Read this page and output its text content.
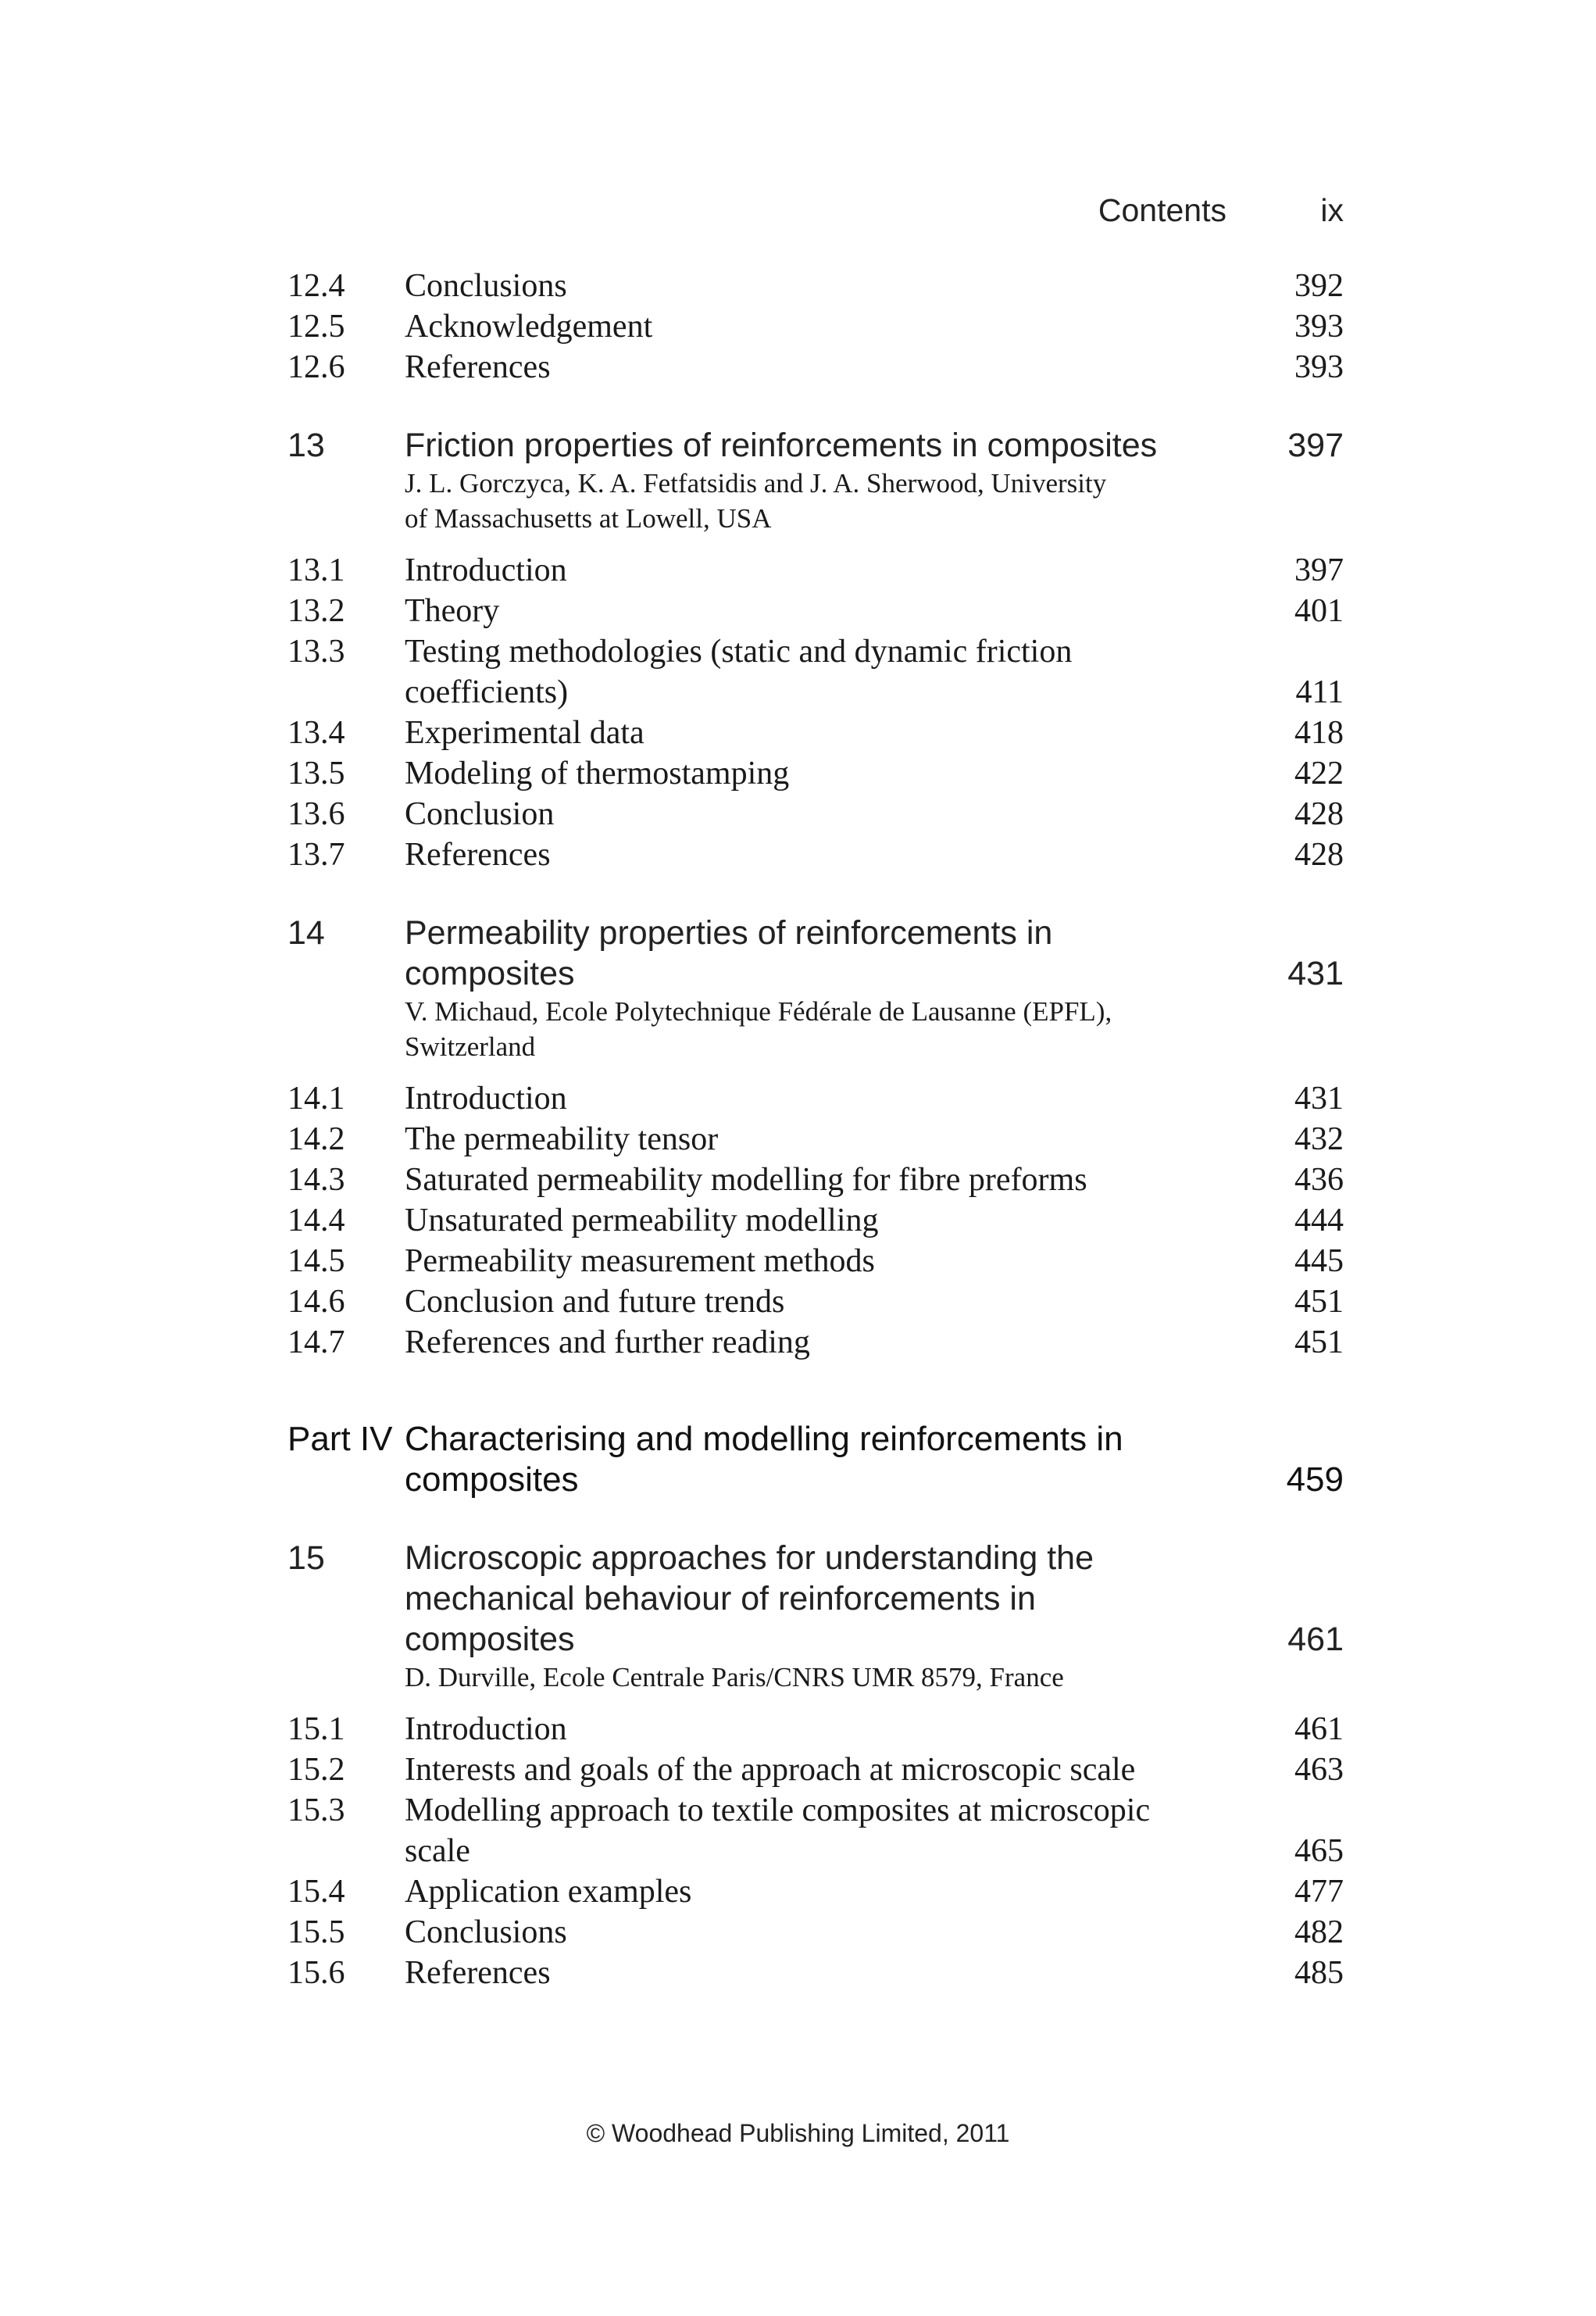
Contents	ix
12.4 Conclusions	392
12.5 Acknowledgement	393
12.6 References	393
13 Friction properties of reinforcements in composites	397
J. L. Gorczyca, K. A. Fetfatsidis and J. A. Sherwood, University
of Massachusetts at Lowell, USA
13.1 Introduction	397
13.2 Theory	401
13.3 Testing methodologies (static and dynamic friction
coefficients)	411
13.4 Experimental data	418
13.5 Modeling of thermostamping	422
13.6 Conclusion	428
13.7 References	428
14 Permeability properties of reinforcements in
composites	431
V. Michaud, Ecole Polytechnique Fédérale de Lausanne (EPFL),
Switzerland
14.1 Introduction	431
14.2 The permeability tensor	432
14.3 Saturated permeability modelling for fibre preforms	436
14.4 Unsaturated permeability modelling	444
14.5 Permeability measurement methods	445
14.6 Conclusion and future trends	451
14.7 References and further reading	451
Part IV Characterising and modelling reinforcements in
composites	459
15 Microscopic approaches for understanding the
mechanical behaviour of reinforcements in
composites	461
D. Durville, Ecole Centrale Paris/CNRS UMR 8579, France
15.1 Introduction	461
15.2 Interests and goals of the approach at microscopic scale	463
15.3 Modelling approach to textile composites at microscopic
scale	465
15.4 Application examples	477
15.5 Conclusions	482
15.6 References	485
© Woodhead Publishing Limited, 2011
